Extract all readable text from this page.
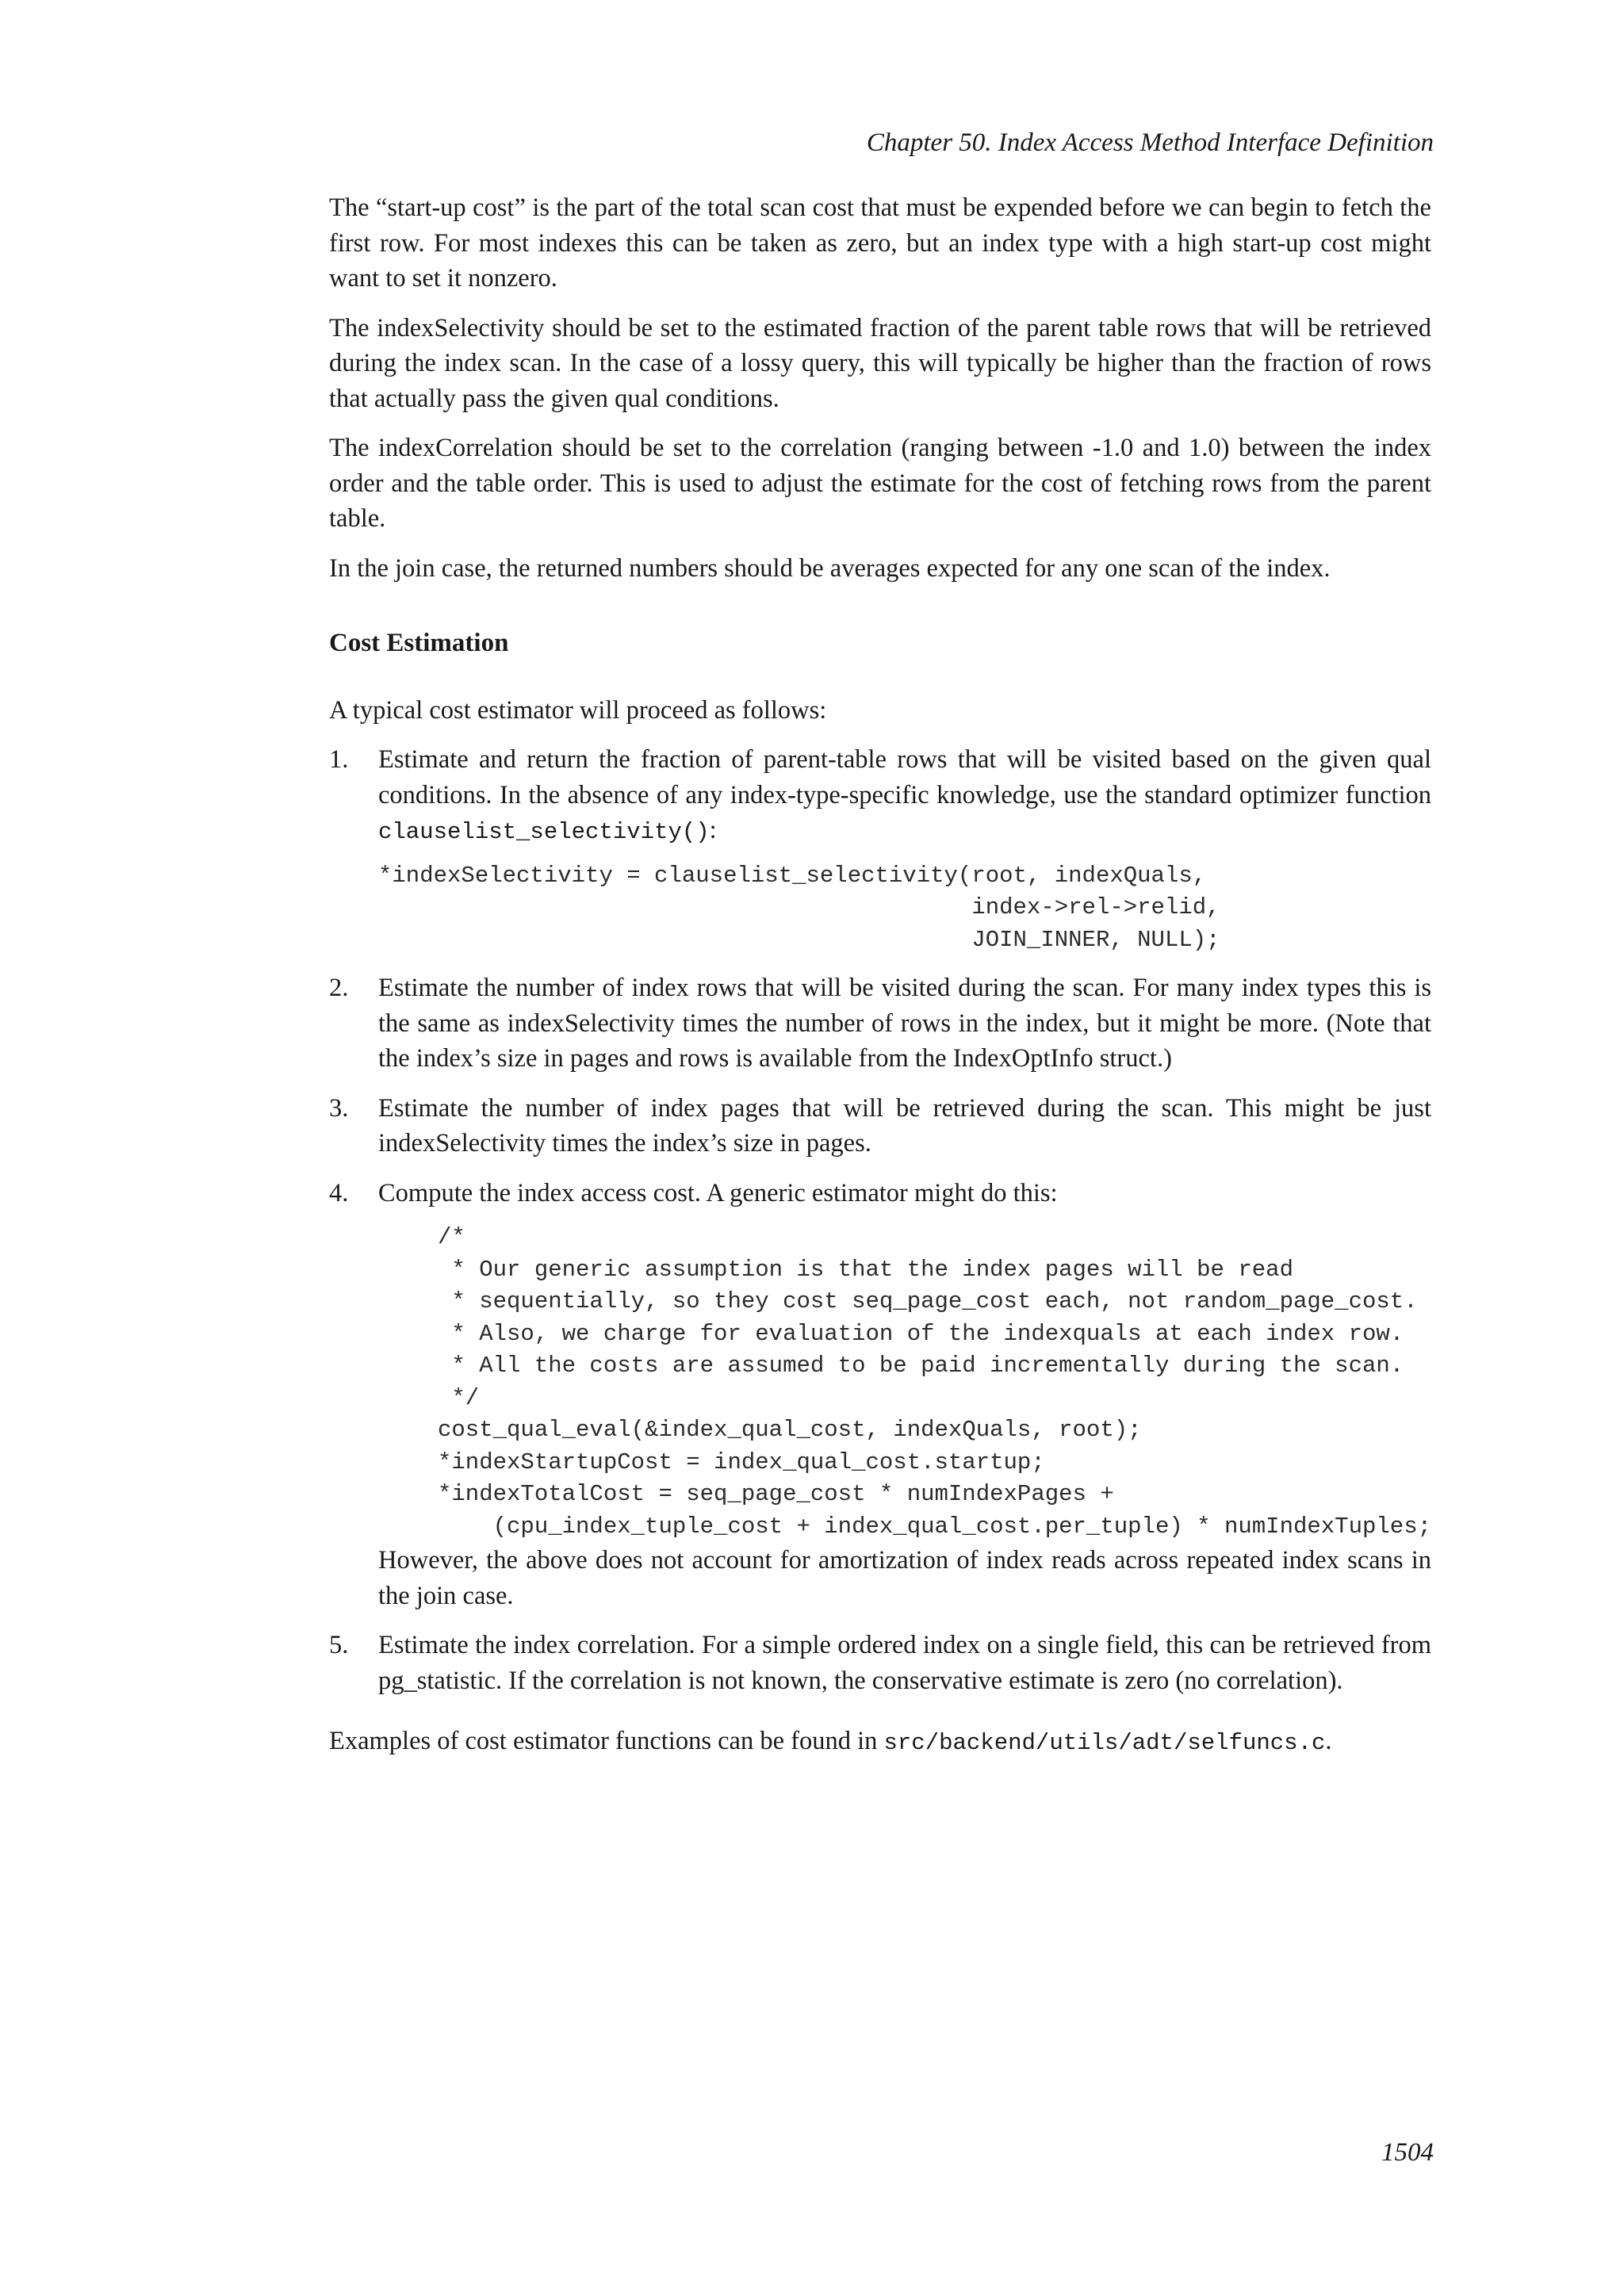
Chapter 50. Index Access Method Interface Definition

The “start-up cost” is the part of the total scan cost that must be expended before we can begin to fetch the first row. For most indexes this can be taken as zero, but an index type with a high start-up cost might want to set it nonzero.

The indexSelectivity should be set to the estimated fraction of the parent table rows that will be retrieved during the index scan. In the case of a lossy query, this will typically be higher than the fraction of rows that actually pass the given qual conditions.

The indexCorrelation should be set to the correlation (ranging between -1.0 and 1.0) between the index order and the table order. This is used to adjust the estimate for the cost of fetching rows from the parent table.

In the join case, the returned numbers should be averages expected for any one scan of the index.

Cost Estimation

A typical cost estimator will proceed as follows:

1. Estimate and return the fraction of parent-table rows that will be visited based on the given qual conditions. In the absence of any index-type-specific knowledge, use the standard optimizer function clauselist_selectivity():

*indexSelectivity = clauselist_selectivity(root, indexQuals,
index->rel->relid,
JOIN_INNER, NULL);
2. Estimate the number of index rows that will be visited during the scan. For many index types this is the same as indexSelectivity times the number of rows in the index, but it might be more. (Note that the index’s size in pages and rows is available from the IndexOptInfo struct.)

3. Estimate the number of index pages that will be retrieved during the scan. This might be just indexSelectivity times the index’s size in pages.

4. Compute the index access cost. A generic estimator might do this:

/*
* Our generic assumption is that the index pages will be read
* sequentially, so they cost seq_page_cost each, not random_page_cost.
* Also, we charge for evaluation of the indexquals at each index row.
* All the costs are assumed to be paid incrementally during the scan.
*/
cost_qual_eval(&index_qual_cost, indexQuals, root);
*indexStartupCost = index_qual_cost.startup;
*indexTotalCost = seq_page_cost * numIndexPages +
(cpu_index_tuple_cost + index_qual_cost.per_tuple) * numIndexTuples;

However, the above does not account for amortization of index reads across repeated index scans in the join case.

5. Estimate the index correlation. For a simple ordered index on a single field, this can be retrieved from pg_statistic. If the correlation is not known, the conservative estimate is zero (no correlation).

Examples of cost estimator functions can be found in src/backend/utils/adt/selfuncs.c.

1504
